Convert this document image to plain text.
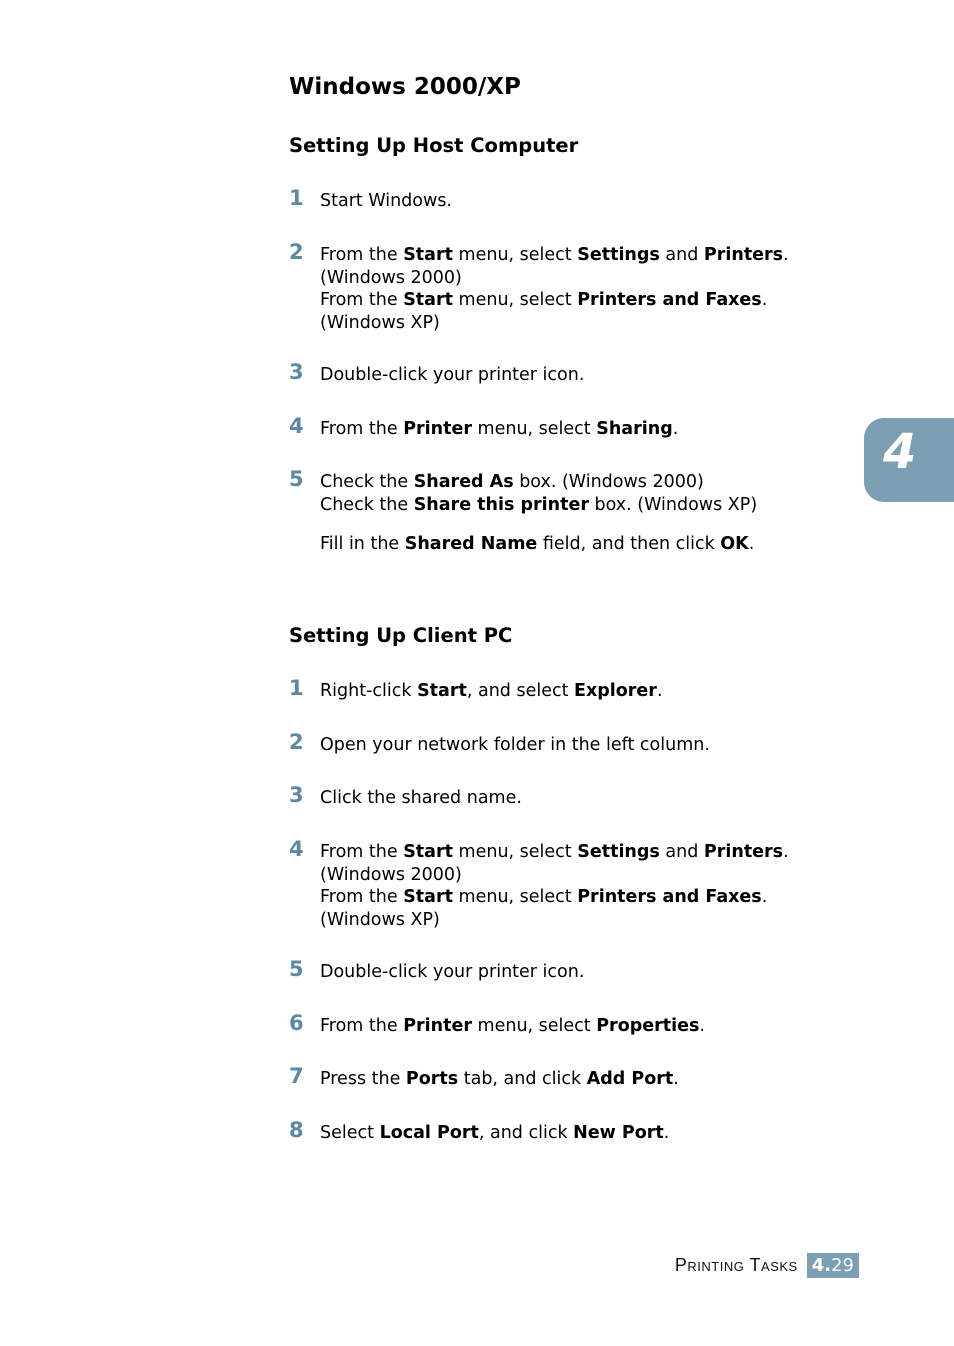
Windows 2000/XP
Setting Up Host Computer
1 Start Windows.
2 From the Start menu, select Settings and Printers.
(Windows 2000)
From the Start menu, select Printers and Faxes.
(Windows XP)
3 Double-click your printer icon.
4 From the Printer menu, select Sharing.
5 Check the Shared As box. (Windows 2000)
Check the Share this printer box. (Windows XP)
Fill in the Shared Name field, and then click OK.
Setting Up Client PC
1 Right-click Start, and select Explorer.
2 Open your network folder in the left column.
3 Click the shared name.
4 From the Start menu, select Settings and Printers.
(Windows 2000)
From the Start menu, select Printers and Faxes.
(Windows XP)
5 Double-click your printer icon.
6 From the Printer menu, select Properties.
7 Press the Ports tab, and click Add Port.
8 Select Local Port, and click New Port.
4
Printing Tasks 4. 29
